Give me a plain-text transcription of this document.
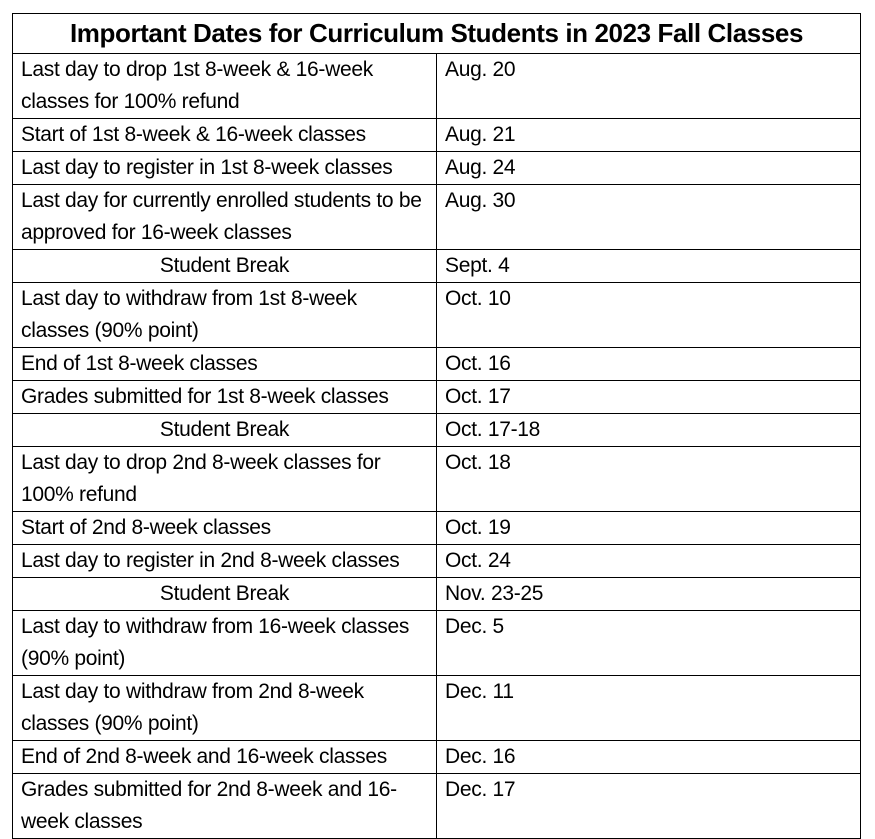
Important Dates for Curriculum Students in 2023 Fall Classes	
Last day to drop 1st 8-week & 16-week classes for 100% refund	Aug. 20
Start of 1st 8-week & 16-week classes	Aug. 21
Last day to register in 1st 8-week classes	Aug. 24
Last day for currently enrolled students to be approved for 16-week classes	Aug. 30
Student Break	Sept. 4
Last day to withdraw from 1st 8-week classes (90% point)	Oct. 10
End of 1st 8-week classes	Oct. 16
Grades submitted for 1st 8-week classes	Oct. 17
Student Break	Oct. 17-18
Last day to drop 2nd 8-week classes for 100% refund	Oct. 18
Start of 2nd 8-week classes	Oct. 19
Last day to register in 2nd 8-week classes	Oct. 24
Student Break	Nov. 23-25
Last day to withdraw from 16-week classes (90% point)	Dec. 5
Last day to withdraw from 2nd 8-week classes (90% point)	Dec. 11
End of 2nd 8-week and 16-week classes	Dec. 16
Grades submitted for 2nd 8-week and 16-week classes	Dec. 17
